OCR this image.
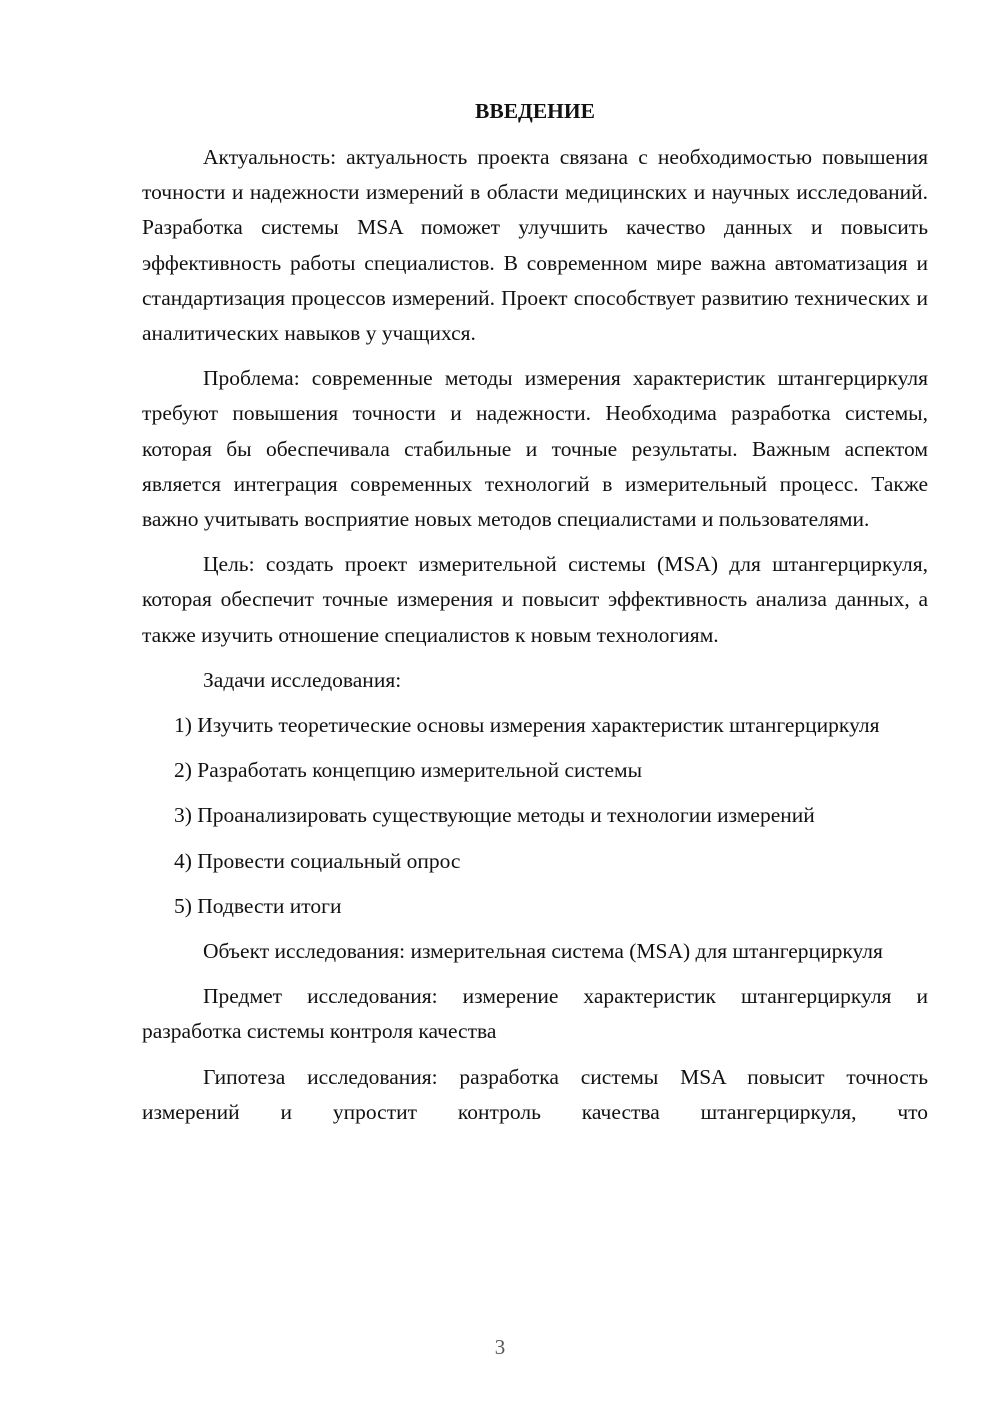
ВВЕДЕНИЕ

Актуальность: актуальность проекта связана с необходимостью повышения точности и надежности измерений в области медицинских и научных исследований. Разработка системы MSA поможет улучшить качество данных и повысить эффективность работы специалистов. В современном мире важна автоматизация и стандартизация процессов измерений. Проект способствует развитию технических и аналитических навыков у учащихся.

Проблема: современные методы измерения характеристик штангерциркуля требуют повышения точности и надежности. Необходима разработка системы, которая бы обеспечивала стабильные и точные результаты. Важным аспектом является интеграция современных технологий в измерительный процесс. Также важно учитывать восприятие новых методов специалистами и пользователями.

Цель: создать проект измерительной системы (MSA) для штангерциркуля, которая обеспечит точные измерения и повысит эффективность анализа данных, а также изучить отношение специалистов к новым технологиям.

Задачи исследования:

1) Изучить теоретические основы измерения характеристик штангерциркуля

2) Разработать концепцию измерительной системы

3) Проанализировать существующие методы и технологии измерений

4) Провести социальный опрос

5) Подвести итоги

Объект исследования: измерительная система (MSA) для штангерциркуля

Предмет исследования: измерение характеристик штангерциркуля и разработка системы контроля качества

Гипотеза исследования: разработка системы MSA повысит точность измерений и упростит контроль качества штангерциркуля, что

3
